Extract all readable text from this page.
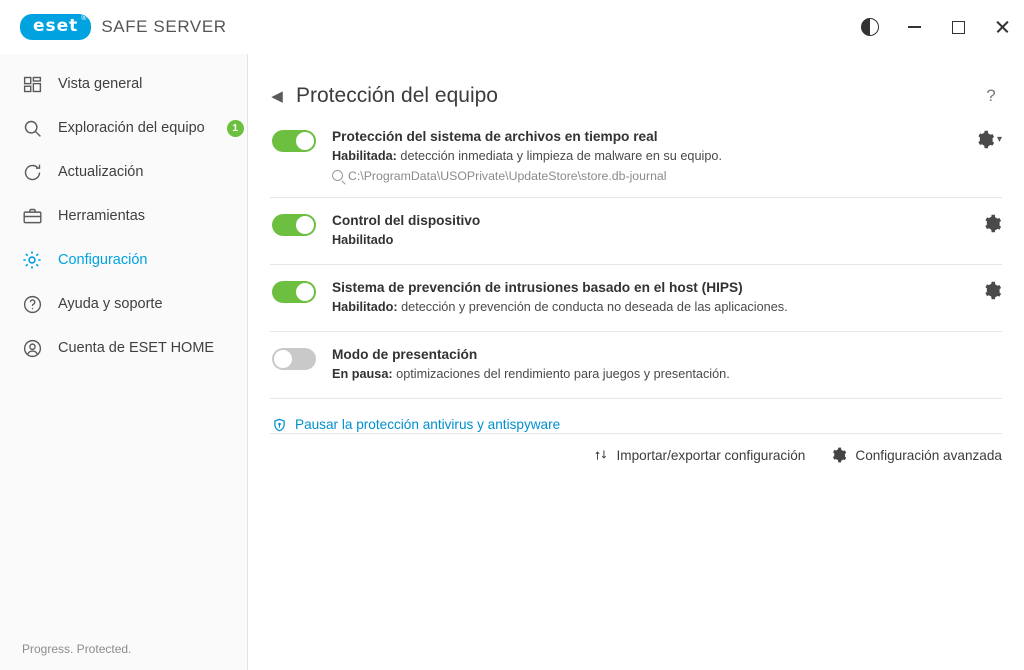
eset ® SAFE SERVER
Vista general
Exploración del equipo	1
Actualización
Herramientas
Configuración
Ayuda y soporte
Cuenta de ESET HOME
Progress. Protected.
◀ Protección del equipo	?
Protección del sistema de archivos en tiempo real
Habilitada: detección inmediata y limpieza de malware en su equipo.
C:\ProgramData\USOPrivate\UpdateStore\store.db-journal
▾
Control del dispositivo
Habilitado
Sistema de prevención de intrusiones basado en el host (HIPS)
Habilitado: detección y prevención de conducta no deseada de las aplicaciones.
Modo de presentación
En pausa: optimizaciones del rendimiento para juegos y presentación.
Pausar la protección antivirus y antispyware
Importar/exportar configuración	Configuración avanzada
